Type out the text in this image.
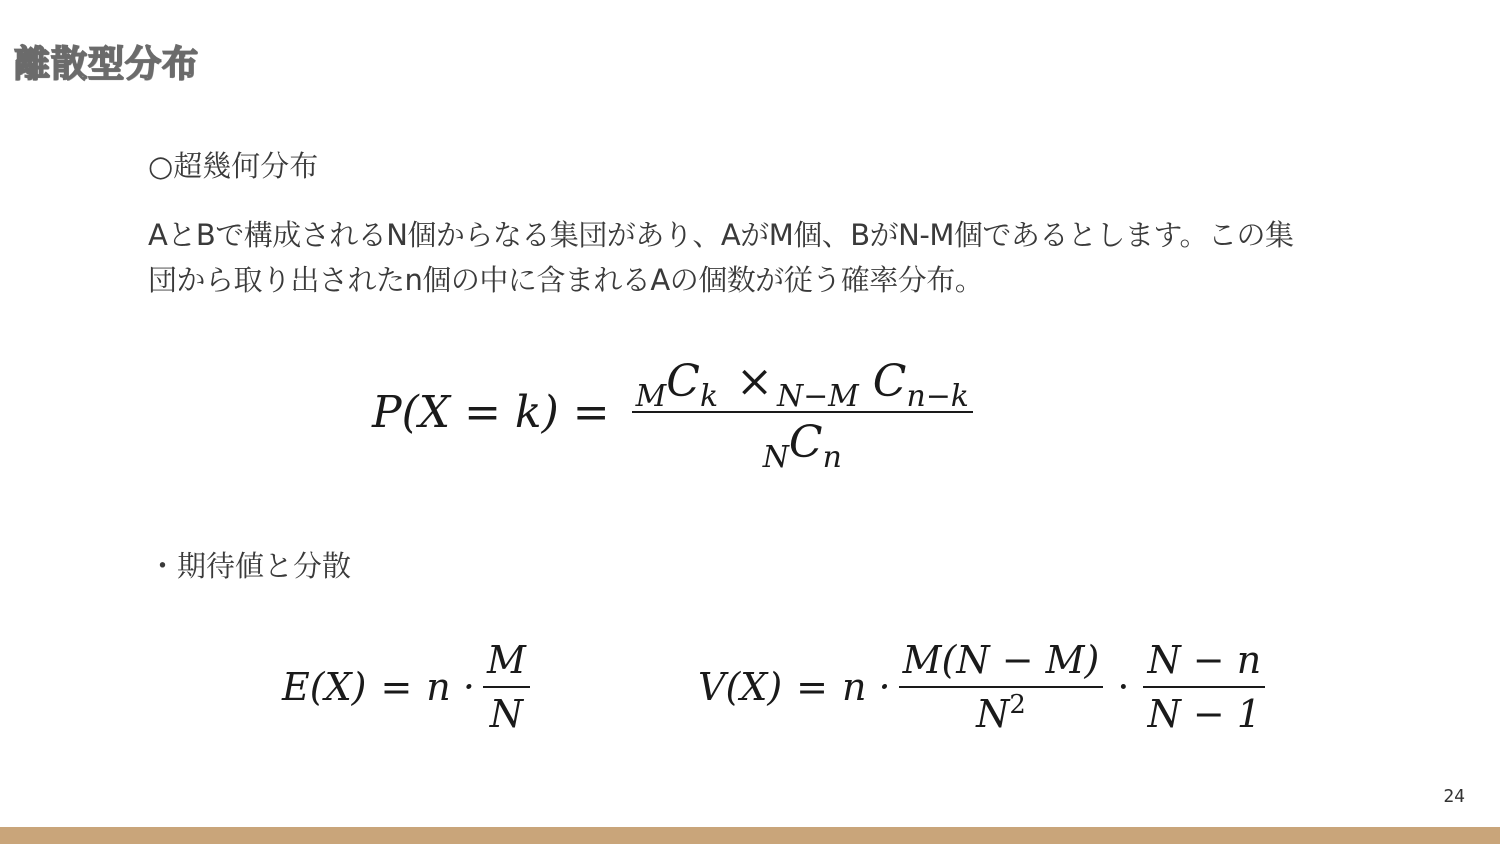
離散型分布
○超幾何分布
AとBで構成されるN個からなる集団があり、AがM個、BがN-M個であるとします。この集
団から取り出されたn個の中に含まれるAの個数が従う確率分布。
$P(X = k) = \frac{_MC_k \times _{N-M} C_{n-k}}{_NC_n}$
・期待値と分散
$E(X) = n \cdot \frac{M}{N}$	$V(X) = n \cdot \frac{M(N - M)}{N^2} \cdot \frac{N - n}{N - 1}$
24
